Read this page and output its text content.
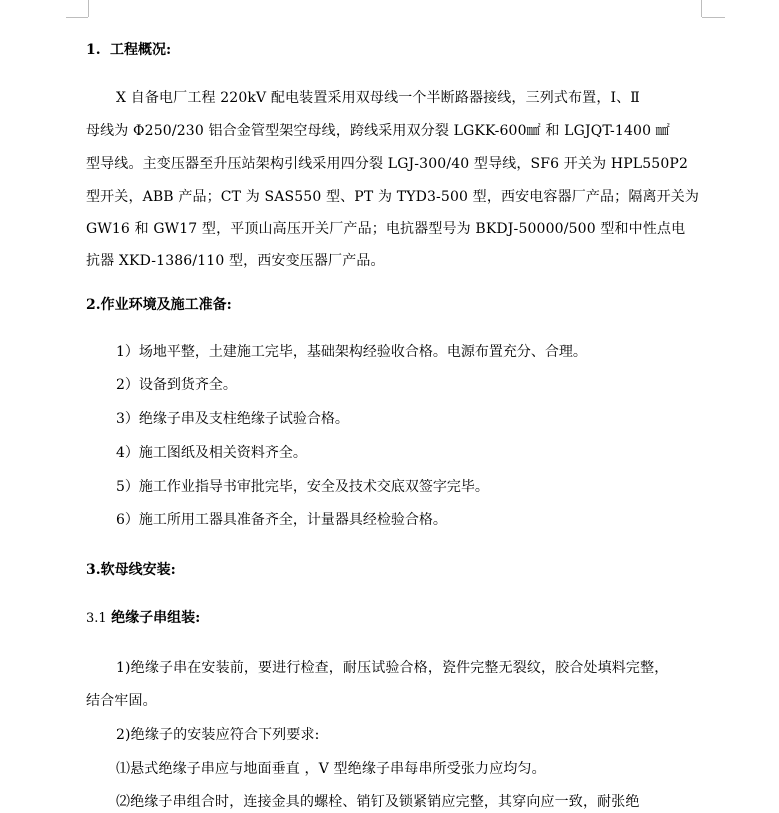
1. 工程概况:
X 自备电厂工程 220kV 配电装置采用双母线一个半断路器接线，三列式布置，Ⅰ、Ⅱ
母线为 Φ250/230 铝合金管型架空母线，跨线采用双分裂 LGKK-600㎟ 和 LGJQT-1400 ㎟
型导线。主变压器至升压站架构引线采用四分裂 LGJ-300/40 型导线，SF6 开关为 HPL550P2
型开关，ABB 产品；CT 为 SAS550 型、PT 为 TYD3-500 型，西安电容器厂产品；隔离开关为
GW16 和 GW17 型，平顶山高压开关厂产品；电抗器型号为 BKDJ-50000/500 型和中性点电
抗器 XKD-1386/110 型，西安变压器厂产品。
2.作业环境及施工准备:
1）场地平整，土建施工完毕，基础架构经验收合格。电源布置充分、合理。
2）设备到货齐全。
3）绝缘子串及支柱绝缘子试验合格。
4）施工图纸及相关资料齐全。
5）施工作业指导书审批完毕，安全及技术交底双签字完毕。
6）施工所用工器具准备齐全，计量器具经检验合格。
3.软母线安装:
3.1 绝缘子串组装:
1)绝缘子串在安装前，要进行检查，耐压试验合格，瓷件完整无裂纹，胶合处填料完整，
结合牢固。
2)绝缘子的安装应符合下列要求:
⑴悬式绝缘子串应与地面垂直 ，V 型绝缘子串每串所受张力应均匀。
⑵绝缘子串组合时，连接金具的螺栓、销钉及锁紧销应完整，其穿向应一致，耐张绝
